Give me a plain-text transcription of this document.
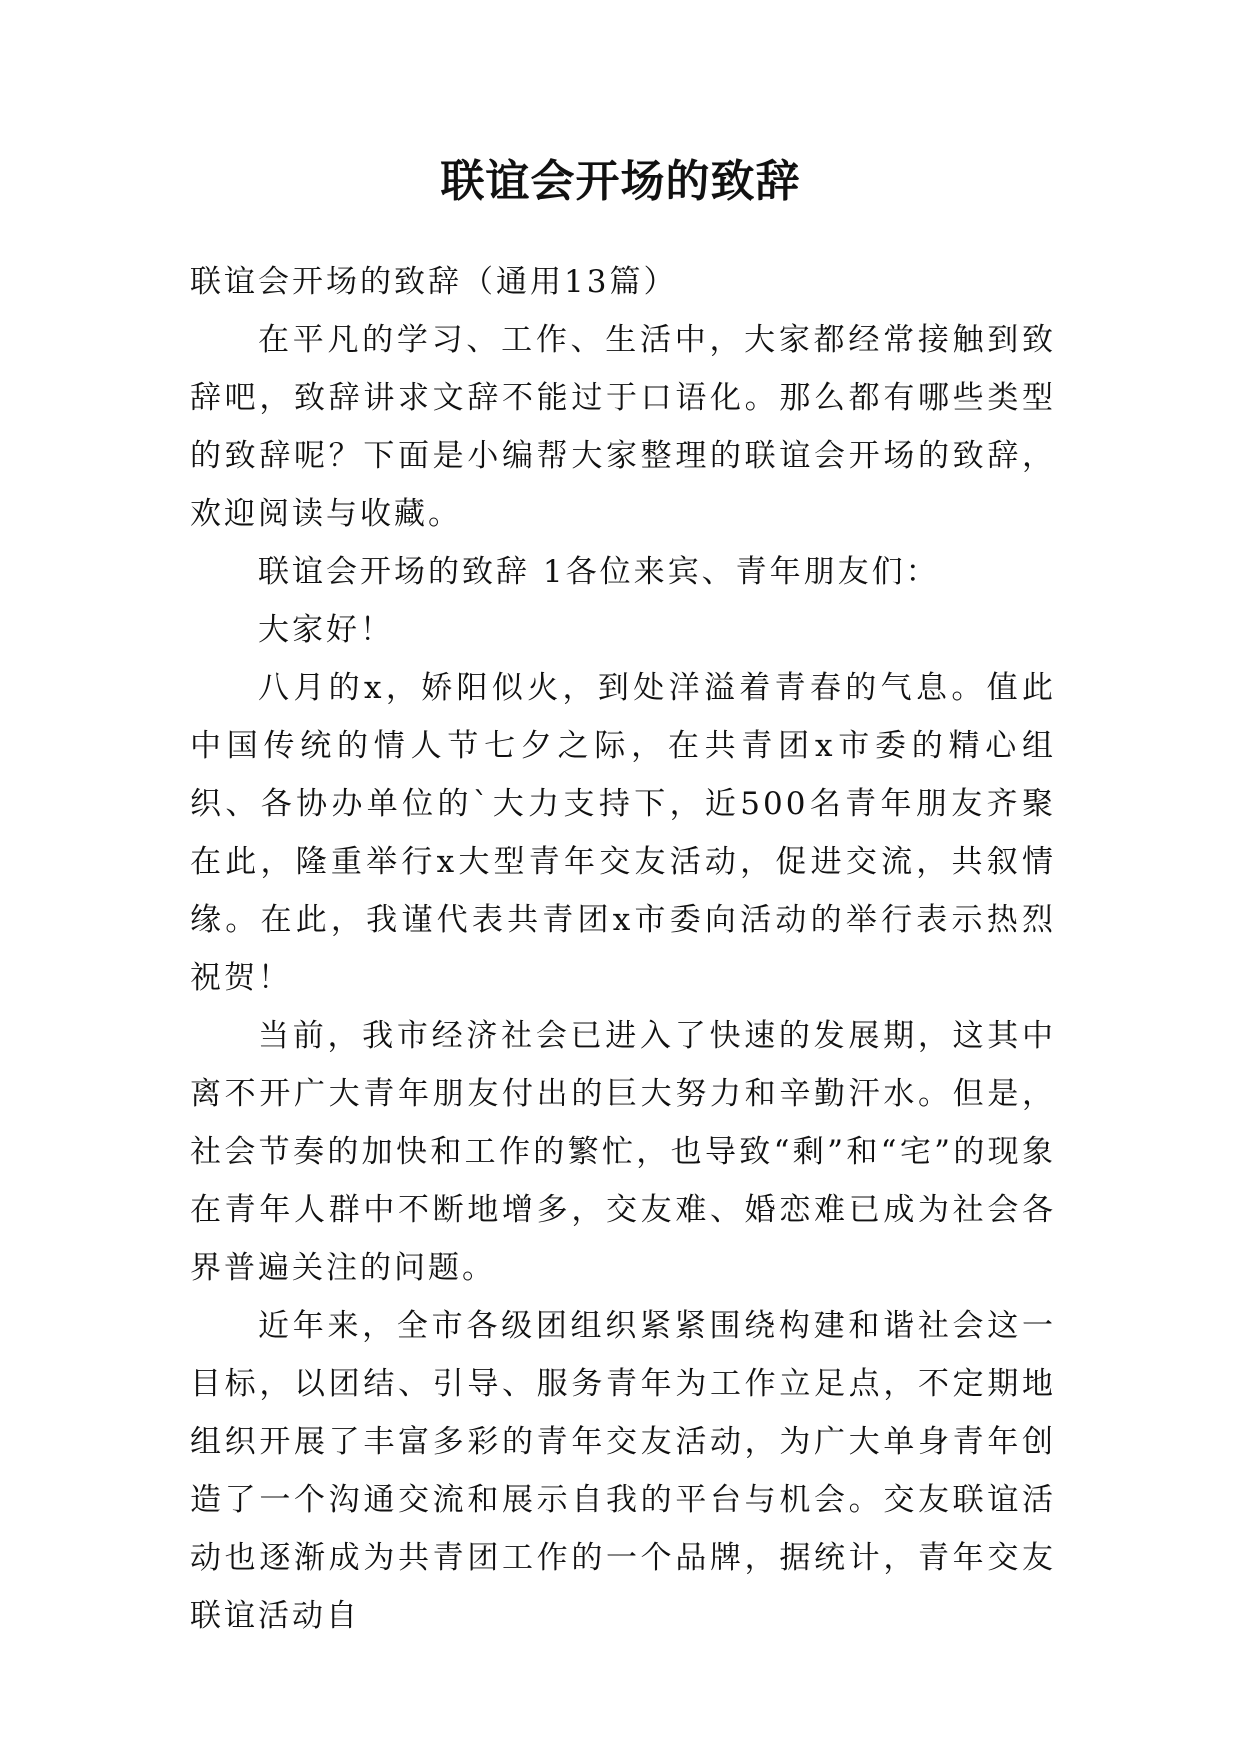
联谊会开场的致辞

联谊会开场的致辞（通用13篇）

在平凡的学习、工作、生活中，大家都经常接触到致辞吧，致辞讲求文辞不能过于口语化。那么都有哪些类型的致辞呢？下面是小编帮大家整理的联谊会开场的致辞，欢迎阅读与收藏。

联谊会开场的致辞 1各位来宾、青年朋友们：

大家好！

八月的x，娇阳似火，到处洋溢着青春的气息。值此中国传统的情人节七夕之际，在共青团x市委的精心组织、各协办单位的`大力支持下，近500名青年朋友齐聚在此，隆重举行x大型青年交友活动，促进交流，共叙情缘。在此，我谨代表共青团x市委向活动的举行表示热烈祝贺！

当前，我市经济社会已进入了快速的发展期，这其中离不开广大青年朋友付出的巨大努力和辛勤汗水。但是，社会节奏的加快和工作的繁忙，也导致“剩”和“宅”的现象在青年人群中不断地增多，交友难、婚恋难已成为社会各界普遍关注的问题。

近年来，全市各级团组织紧紧围绕构建和谐社会这一目标，以团结、引导、服务青年为工作立足点，不定期地组织开展了丰富多彩的青年交友活动，为广大单身青年创造了一个沟通交流和展示自我的平台与机会。交友联谊活动也逐渐成为共青团工作的一个品牌，据统计，青年交友联谊活动自
